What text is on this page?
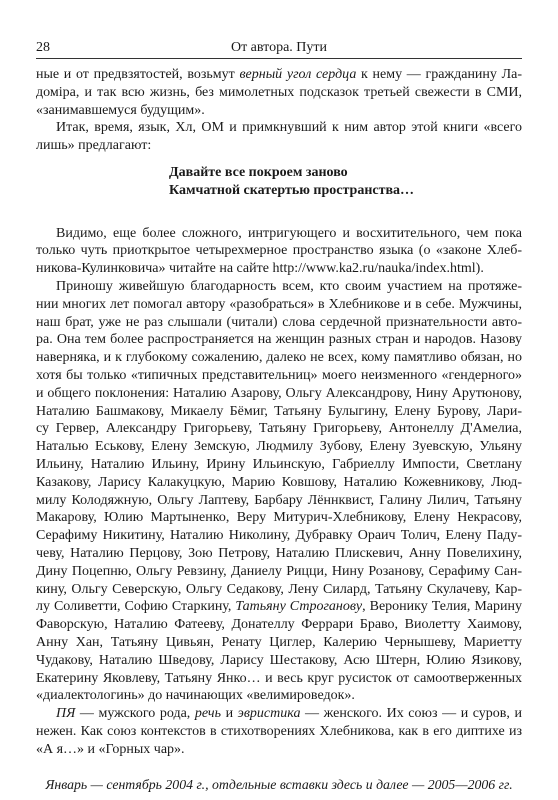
28	От автора. Пути
ные и от предвзятостей, возьмут верный угол сердца к нему — гражданину Ла-
доміра, и так всю жизнь, без мимолетных подсказок третьей свежести в СМИ,
«занимавшемуся будущим».
Итак, время, язык, Хл, ОМ и примкнувший к ним автор этой книги «всего
лишь» предлагают:
Давайте все покроем заново
Камчатной скатертью пространства…
Видимо, еще более сложного, интригующего и восхитительного, чем пока
только чуть приоткрытое четырехмерное пространство языка (о «законе Хлеб-
никова-Кулинковича» читайте на сайте http://www.ka2.ru/nauka/index.html).
Приношу живейшую благодарность всем, кто своим участием на протяже-
нии многих лет помогал автору «разобраться» в Хлебникове и в себе. Мужчины,
наш брат, уже не раз слышали (читали) слова сердечной признательности авто-
ра. Она тем более распространяется на женщин разных стран и народов. Назову
наверняка, и к глубокому сожалению, далеко не всех, кому памятливо обязан, но
хотя бы только «типичных представительниц» моего неизменного «гендерного»
и общего поклонения: Наталию Азарову, Ольгу Александрову, Нину Арутюнову,
Наталию Башмакову, Микаелу Бёмиг, Татьяну Булыгину, Елену Бурову, Лари-
су Гервер, Александру Григорьеву, Татьяну Григорьеву, Антонеллу Д'Амелиа,
Наталью Еськову, Елену Земскую, Людмилу Зубову, Елену Зуевскую, Ульяну
Ильину, Наталию Ильину, Ирину Ильинскую, Габриеллу Импости, Светлану
Казакову, Ларису Калакуцкую, Марию Ковшову, Наталию Кожевникову, Люд-
милу Колодяжную, Ольгу Лаптеву, Барбару Лённквист, Галину Лилич, Татьяну
Макарову, Юлию Мартыненко, Веру Митурич-Хлебникову, Елену Некрасову,
Серафиму Никитину, Наталию Николину, Дубравку Ораич Толич, Елену Паду-
чеву, Наталию Перцову, Зою Петрову, Наталию Плискевич, Анну Повелихину,
Дину Поцепню, Ольгу Ревзину, Даниелу Рицци, Нину Розанову, Серафиму Сан-
кину, Ольгу Северскую, Ольгу Седакову, Лену Силард, Татьяну Скулачеву, Кар-
лу Соливетти, Софию Старкину, Татьяну Строганову, Веронику Телия, Марину
Фаворскую, Наталию Фатееву, Донателлу Феррари Браво, Виолетту Хаимову,
Анну Хан, Татьяну Цивьян, Ренату Циглер, Калерию Чернышеву, Мариетту
Чудакову, Наталию Шведову, Ларису Шестакову, Асю Штерн, Юлию Язикову,
Екатерину Яковлеву, Татьяну Янко… и весь круг русисток от самоотверженных
«диалектологинь» до начинающих «велимироведок».
ПЯ — мужского рода, речь и эвристика — женского. Их союз — и суров, и
нежен. Как союз контекстов в стихотворениях Хлебникова, как в его диптихе из
«А я…» и «Горных чар».
Январь — сентябрь 2004 г., отдельные вставки здесь и далее — 2005—2006 гг.
